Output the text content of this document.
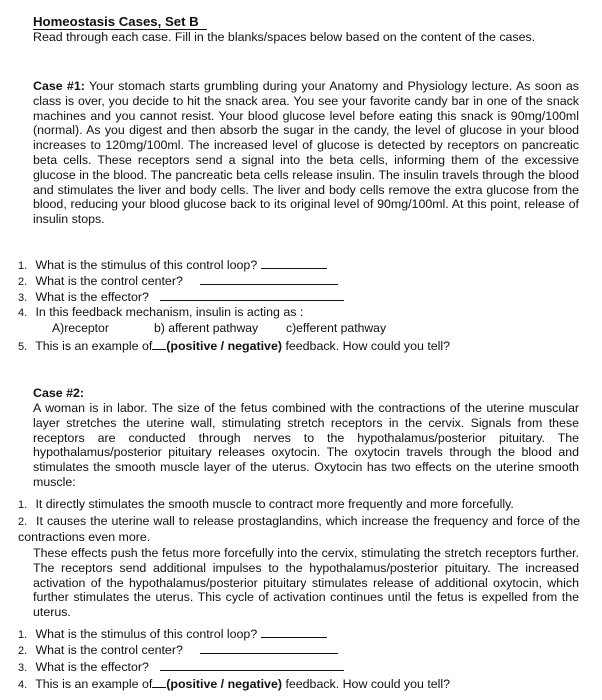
Homeostasis Cases, Set B
Read through each case. Fill in the blanks/spaces below based on the content of the cases.
Case #1: Your stomach starts grumbling during your Anatomy and Physiology lecture. As soon as class is over, you decide to hit the snack area. You see your favorite candy bar in one of the snack machines and you cannot resist. Your blood glucose level before eating this snack is 90mg/100ml (normal). As you digest and then absorb the sugar in the candy, the level of glucose in your blood increases to 120mg/100ml. The increased level of glucose is detected by receptors on pancreatic beta cells. These receptors send a signal into the beta cells, informing them of the excessive glucose in the blood. The pancreatic beta cells release insulin. The insulin travels through the blood and stimulates the liver and body cells. The liver and body cells remove the extra glucose from the blood, reducing your blood glucose back to its original level of 90mg/100ml. At this point, release of insulin stops.
1. What is the stimulus of this control loop?
2. What is the control center?
3. What is the effector?
4. In this feedback mechanism, insulin is acting as :
A)receptor	b) afferent pathway c)efferent pathway
5. This is an example of (positive / negative) feedback. How could you tell?
Case #2:
A woman is in labor. The size of the fetus combined with the contractions of the uterine muscular layer stretches the uterine wall, stimulating stretch receptors in the cervix. Signals from these receptors are conducted through nerves to the hypothalamus/posterior pituitary. The hypothalamus/posterior pituitary releases oxytocin. The oxytocin travels through the blood and stimulates the smooth muscle layer of the uterus. Oxytocin has two effects on the uterine smooth muscle:
1. It directly stimulates the smooth muscle to contract more frequently and more forcefully.
2. It causes the uterine wall to release prostaglandins, which increase the frequency and force of the contractions even more.
These effects push the fetus more forcefully into the cervix, stimulating the stretch receptors further. The receptors send additional impulses to the hypothalamus/posterior pituitary. The increased activation of the hypothalamus/posterior pituitary stimulates release of additional oxytocin, which further stimulates the uterus. This cycle of activation continues until the fetus is expelled from the uterus.
1. What is the stimulus of this control loop?
2. What is the control center?
3. What is the effector?
4. This is an example of (positive / negative) feedback. How could you tell?
